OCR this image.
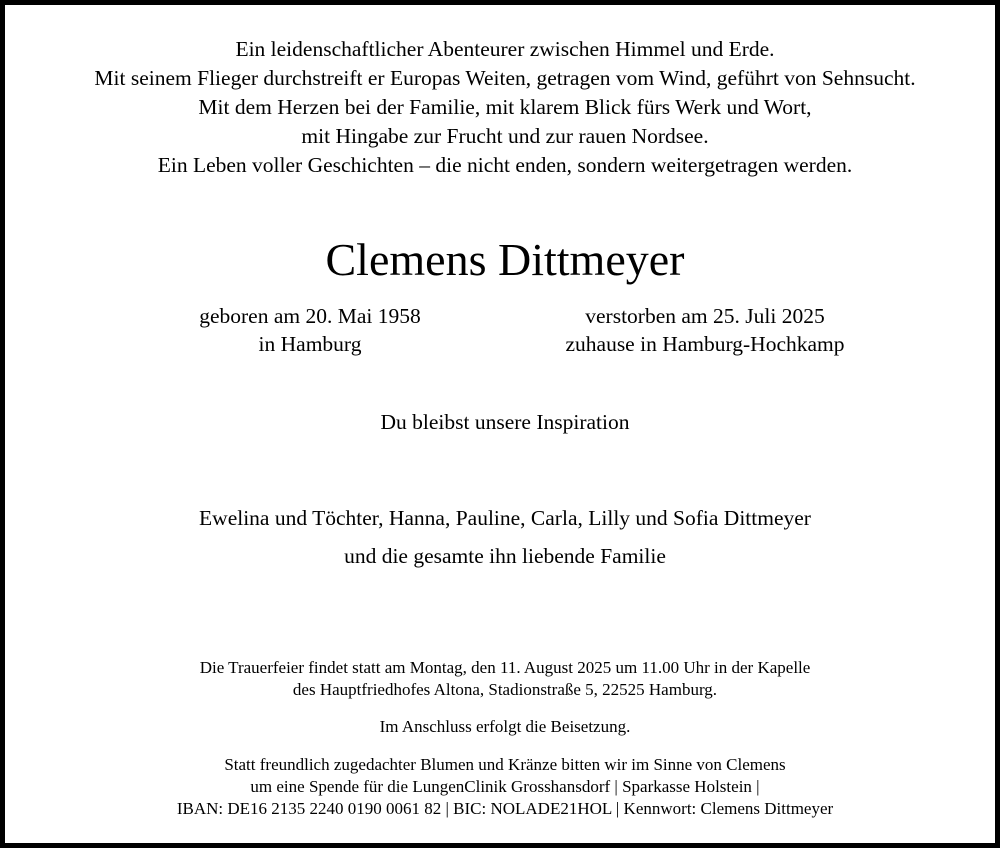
Ein leidenschaftlicher Abenteurer zwischen Himmel und Erde.
Mit seinem Flieger durchstreift er Europas Weiten, getragen vom Wind, geführt von Sehnsucht.
Mit dem Herzen bei der Familie, mit klarem Blick fürs Werk und Wort,
mit Hingabe zur Frucht und zur rauen Nordsee.
Ein Leben voller Geschichten – die nicht enden, sondern weitergetragen werden.
Clemens Dittmeyer
geboren am 20. Mai 1958
in Hamburg
verstorben am 25. Juli 2025
zuhause in Hamburg-Hochkamp
Du bleibst unsere Inspiration
Ewelina und Töchter, Hanna, Pauline, Carla, Lilly und Sofia Dittmeyer
und die gesamte ihn liebende Familie
Die Trauerfeier findet statt am Montag, den 11. August 2025 um 11.00 Uhr in der Kapelle
des Hauptfriedhofes Altona, Stadionstraße 5, 22525 Hamburg.
Im Anschluss erfolgt die Beisetzung.
Statt freundlich zugedachter Blumen und Kränze bitten wir im Sinne von Clemens
um eine Spende für die LungenClinik Grosshansdorf | Sparkasse Holstein |
IBAN: DE16 2135 2240 0190 0061 82 | BIC: NOLADE21HOL | Kennwort: Clemens Dittmeyer
